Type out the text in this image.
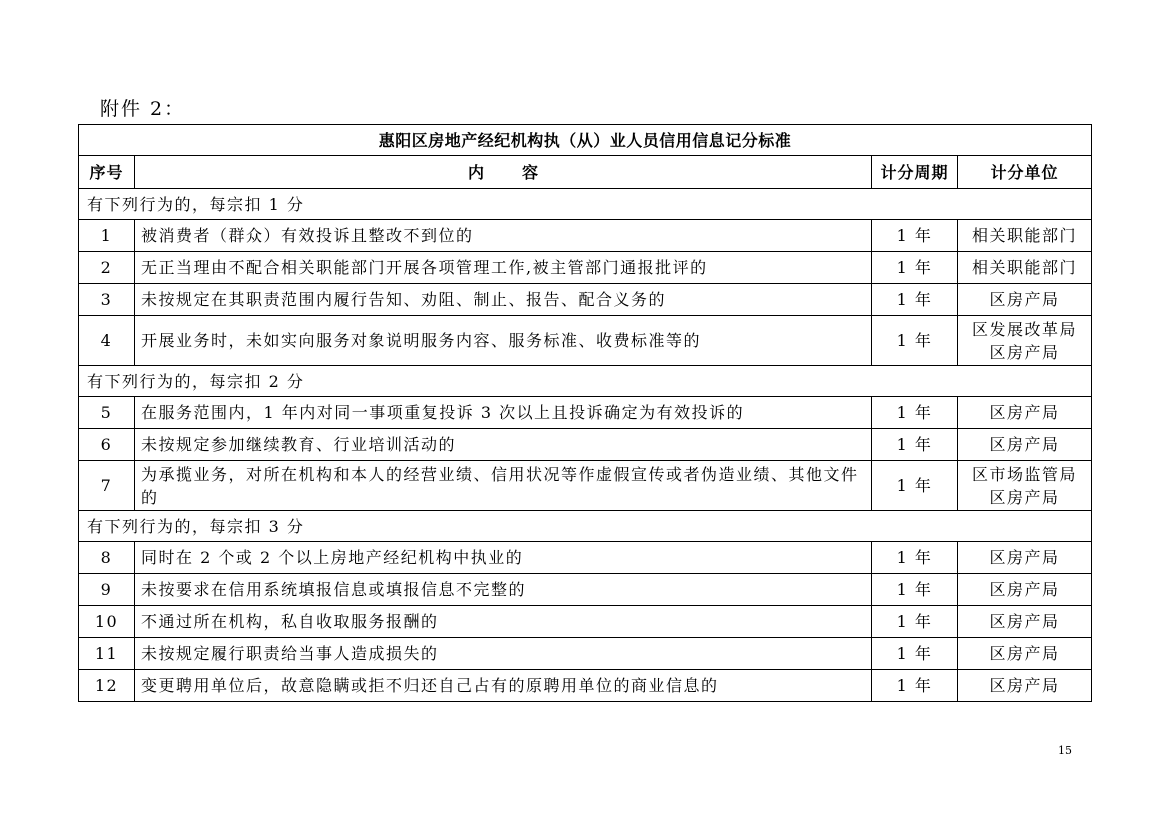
附件 2：
惠阳区房地产经纪机构执（从）业人员信用信息记分标准			
序号	内容	计分周期	计分单位
有下列行为的，每宗扣 1 分			
1	被消费者（群众）有效投诉且整改不到位的	1 年	相关职能部门

2	无正当理由不配合相关职能部门开展各项管理工作,被主管部门通报批评的	1 年	相关职能部门

3	未按规定在其职责范围内履行告知、劝阻、制止、报告、配合义务的	1 年	区房产局

4	开展业务时，未如实向服务对象说明服务内容、服务标准、收费标准等的	1 年	区发展改革局
区房产局

有下列行为的，每宗扣 2 分			
5	在服务范围内，1 年内对同一事项重复投诉 3 次以上且投诉确定为有效投诉的	1 年	区房产局

6	未按规定参加继续教育、行业培训活动的	1 年	区房产局

7	为承揽业务，对所在机构和本人的经营业绩、信用状况等作虚假宣传或者伪造业绩、其他文件的	1 年	区市场监管局
区房产局

有下列行为的，每宗扣 3 分			
8	同时在 2 个或 2 个以上房地产经纪机构中执业的	1 年	区房产局

9	未按要求在信用系统填报信息或填报信息不完整的	1 年	区房产局

10	不通过所在机构，私自收取服务报酬的	1 年	区房产局

11	未按规定履行职责给当事人造成损失的	1 年	区房产局

12	变更聘用单位后，故意隐瞒或拒不归还自己占有的原聘用单位的商业信息的	1 年	区房产局
15
